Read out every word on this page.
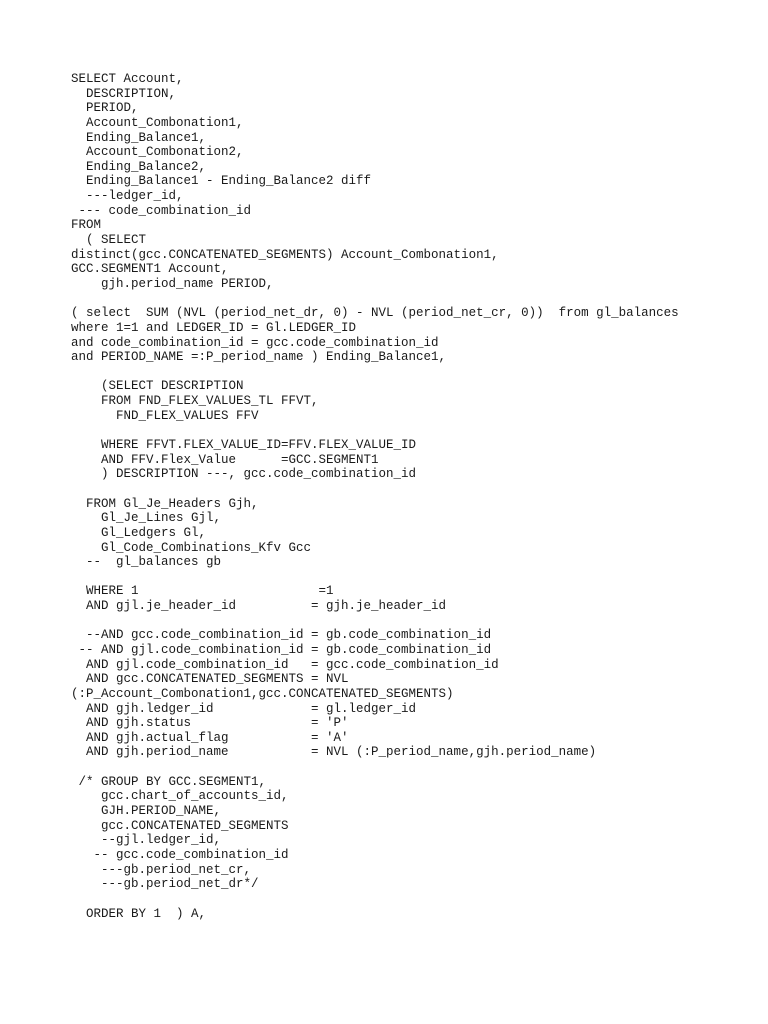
SELECT Account,
DESCRIPTION,
PERIOD,
Account_Combonation1,
Ending_Balance1,
Account_Combonation2,
Ending_Balance2,
Ending_Balance1 - Ending_Balance2 diff
---ledger_id,
--- code_combination_id
FROM
( SELECT
distinct(gcc.CONCATENATED_SEGMENTS) Account_Combonation1,
GCC.SEGMENT1 Account,
gjh.period_name PERIOD,
( select  SUM (NVL (period_net_dr, 0) - NVL (period_net_cr, 0))  from gl_balances
where 1=1 and LEDGER_ID = Gl.LEDGER_ID
and code_combination_id = gcc.code_combination_id
and PERIOD_NAME =:P_period_name ) Ending_Balance1,
(SELECT DESCRIPTION
FROM FND_FLEX_VALUES_TL FFVT,
FND_FLEX_VALUES FFV
WHERE FFVT.FLEX_VALUE_ID=FFV.FLEX_VALUE_ID
AND FFV.Flex_Value      =GCC.SEGMENT1
) DESCRIPTION ---, gcc.code_combination_id
FROM Gl_Je_Headers Gjh,
Gl_Je_Lines Gjl,
Gl_Ledgers Gl,
Gl_Code_Combinations_Kfv Gcc
--  gl_balances gb
WHERE 1                        =1
AND gjl.je_header_id          = gjh.je_header_id
--AND gcc.code_combination_id = gb.code_combination_id
-- AND gjl.code_combination_id = gb.code_combination_id
AND gjl.code_combination_id   = gcc.code_combination_id
AND gcc.CONCATENATED_SEGMENTS = NVL
(:P_Account_Combonation1,gcc.CONCATENATED_SEGMENTS)
AND gjh.ledger_id             = gl.ledger_id
AND gjh.status                = 'P'
AND gjh.actual_flag           = 'A'
AND gjh.period_name           = NVL (:P_period_name,gjh.period_name)
/* GROUP BY GCC.SEGMENT1,
gcc.chart_of_accounts_id,
GJH.PERIOD_NAME,
gcc.CONCATENATED_SEGMENTS
--gjl.ledger_id,
-- gcc.code_combination_id
---gb.period_net_cr,
---gb.period_net_dr*/
ORDER BY 1  ) A,
